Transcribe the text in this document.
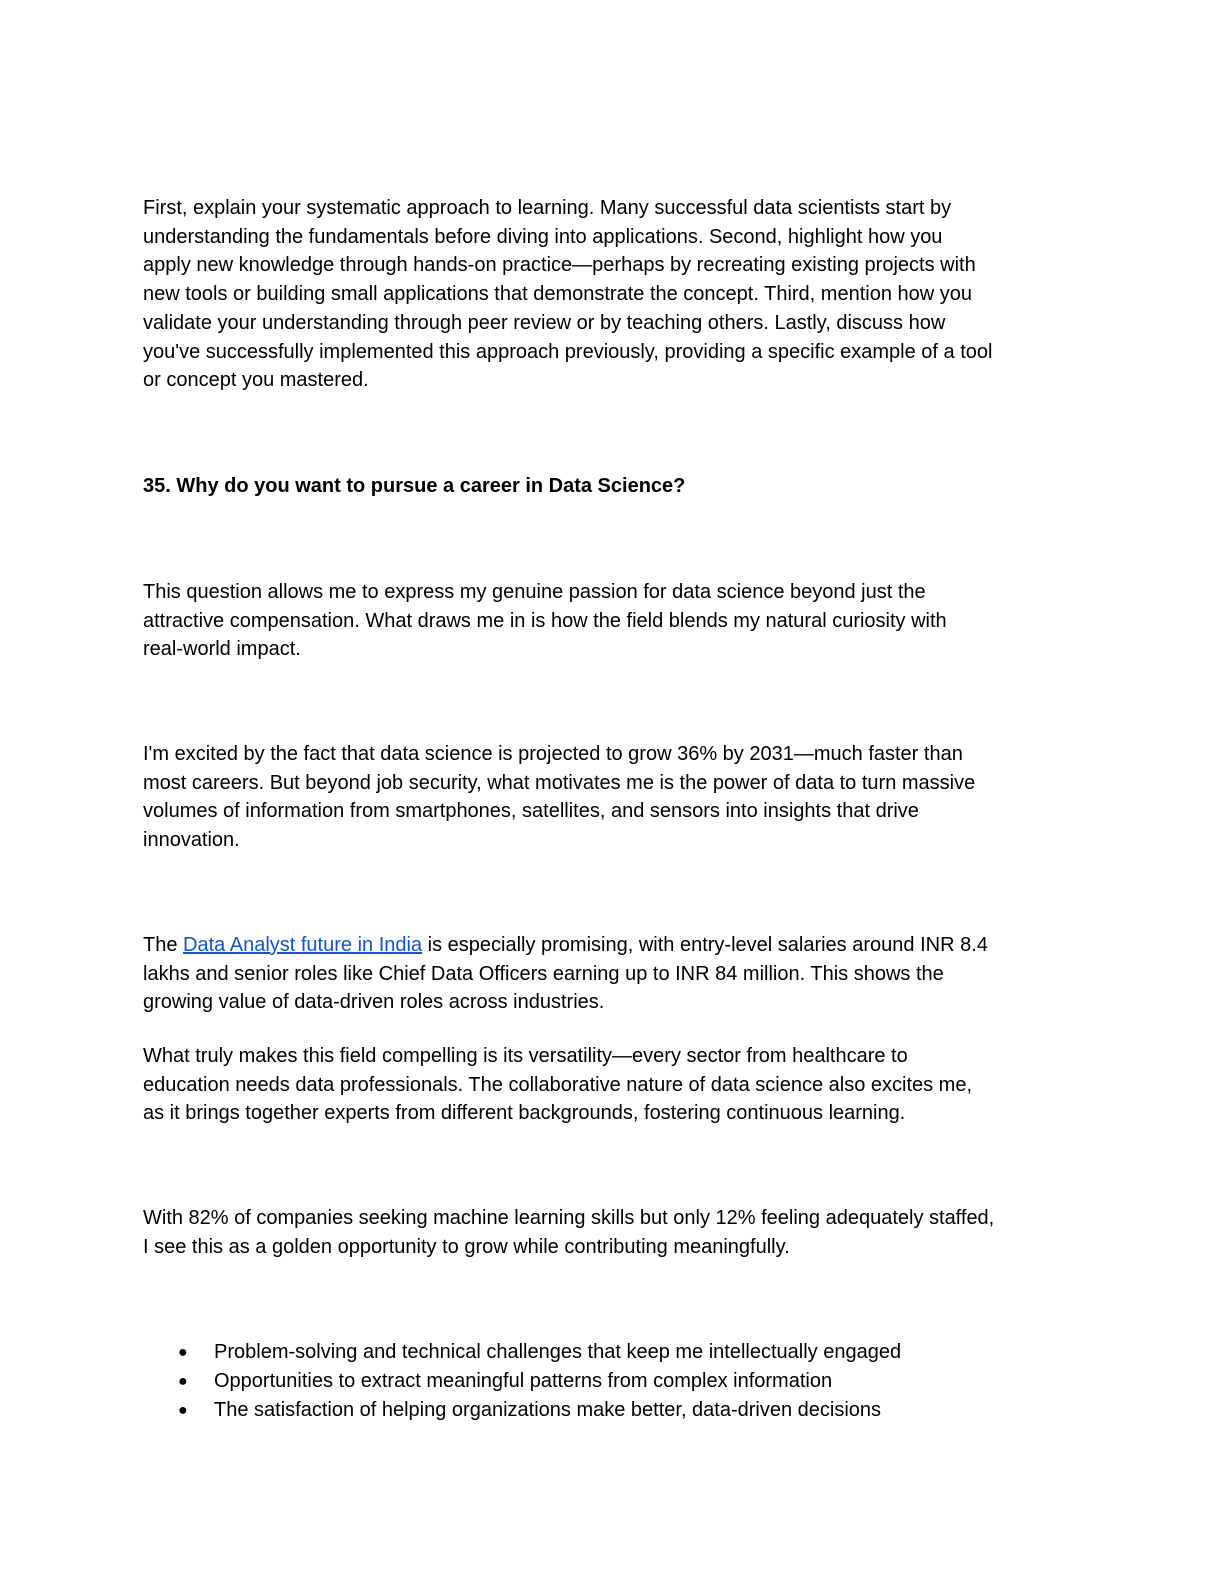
First, explain your systematic approach to learning. Many successful data scientists start by
understanding the fundamentals before diving into applications. Second, highlight how you
apply new knowledge through hands-on practice—perhaps by recreating existing projects with
new tools or building small applications that demonstrate the concept. Third, mention how you
validate your understanding through peer review or by teaching others. Lastly, discuss how
you've successfully implemented this approach previously, providing a specific example of a tool
or concept you mastered.
35. Why do you want to pursue a career in Data Science?
This question allows me to express my genuine passion for data science beyond just the
attractive compensation. What draws me in is how the field blends my natural curiosity with
real-world impact.
I'm excited by the fact that data science is projected to grow 36% by 2031—much faster than
most careers. But beyond job security, what motivates me is the power of data to turn massive
volumes of information from smartphones, satellites, and sensors into insights that drive
innovation.
The Data Analyst future in India is especially promising, with entry-level salaries around INR 8.4
lakhs and senior roles like Chief Data Officers earning up to INR 84 million. This shows the
growing value of data-driven roles across industries.
What truly makes this field compelling is its versatility—every sector from healthcare to
education needs data professionals. The collaborative nature of data science also excites me,
as it brings together experts from different backgrounds, fostering continuous learning.
With 82% of companies seeking machine learning skills but only 12% feeling adequately staffed,
I see this as a golden opportunity to grow while contributing meaningfully.
● Problem-solving and technical challenges that keep me intellectually engaged
● Opportunities to extract meaningful patterns from complex information
● The satisfaction of helping organizations make better, data-driven decisions
